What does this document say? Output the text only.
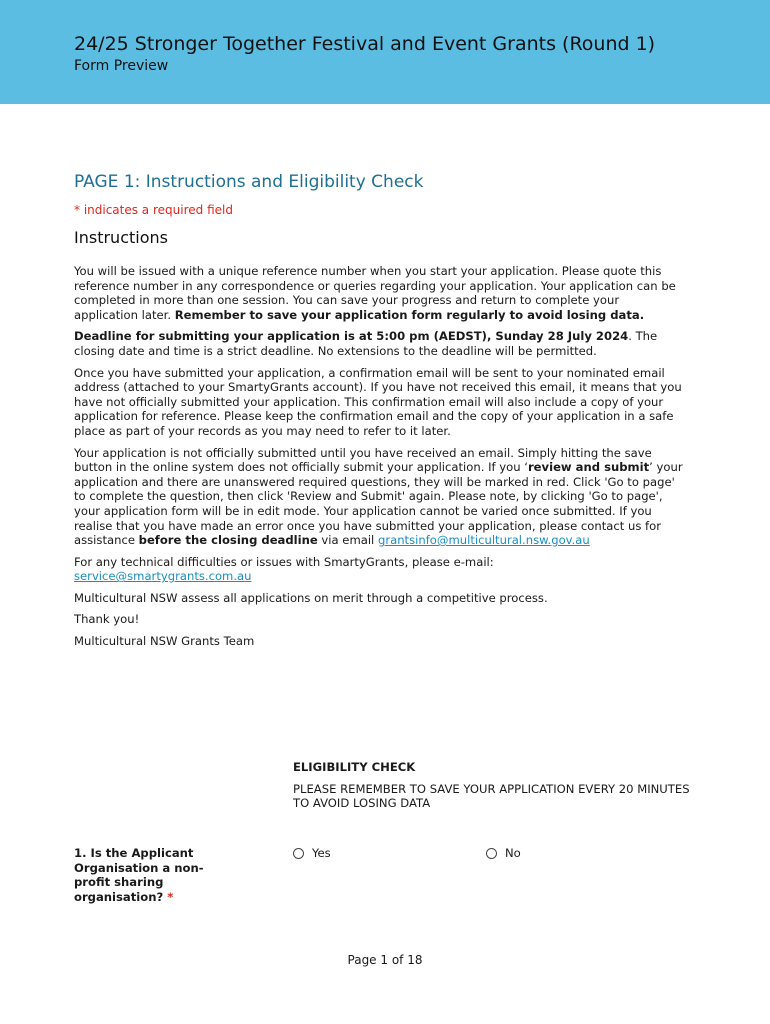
24/25 Stronger Together Festival and Event Grants (Round 1)
Form Preview
PAGE 1: Instructions and Eligibility Check
* indicates a required field
Instructions

You will be issued with a unique reference number when you start your application. Please quote this reference number in any correspondence or queries regarding your application. Your application can be completed in more than one session. You can save your progress and return to complete your application later. Remember to save your application form regularly to avoid losing data.

Deadline for submitting your application is at 5:00 pm (AEDST), Sunday 28 July 2024. The closing date and time is a strict deadline. No extensions to the deadline will be permitted.

Once you have submitted your application, a confirmation email will be sent to your nominated email address (attached to your SmartyGrants account). If you have not received this email, it means that you have not officially submitted your application. This confirmation email will also include a copy of your application for reference. Please keep the confirmation email and the copy of your application in a safe place as part of your records as you may need to refer to it later.

Your application is not officially submitted until you have received an email. Simply hitting the save button in the online system does not officially submit your application. If you ‘review and submit’ your application and there are unanswered required questions, they will be marked in red. Click 'Go to page' to complete the question, then click 'Review and Submit' again. Please note, by clicking 'Go to page', your application form will be in edit mode. Your application cannot be varied once submitted. If you realise that you have made an error once you have submitted your application, please contact us for assistance before the closing deadline via email grantsinfo@multicultural.nsw.gov.au

For any technical difficulties or issues with SmartyGrants, please e-mail:
service@smartygrants.com.au

Multicultural NSW assess all applications on merit through a competitive process.

Thank you!

Multicultural NSW Grants Team

ELIGIBILITY CHECK
PLEASE REMEMBER TO SAVE YOUR APPLICATION EVERY 20 MINUTES TO AVOID LOSING DATA
1. Is the Applicant Organisation a non-profit sharing organisation? *
Yes	No
Page 1 of 18
